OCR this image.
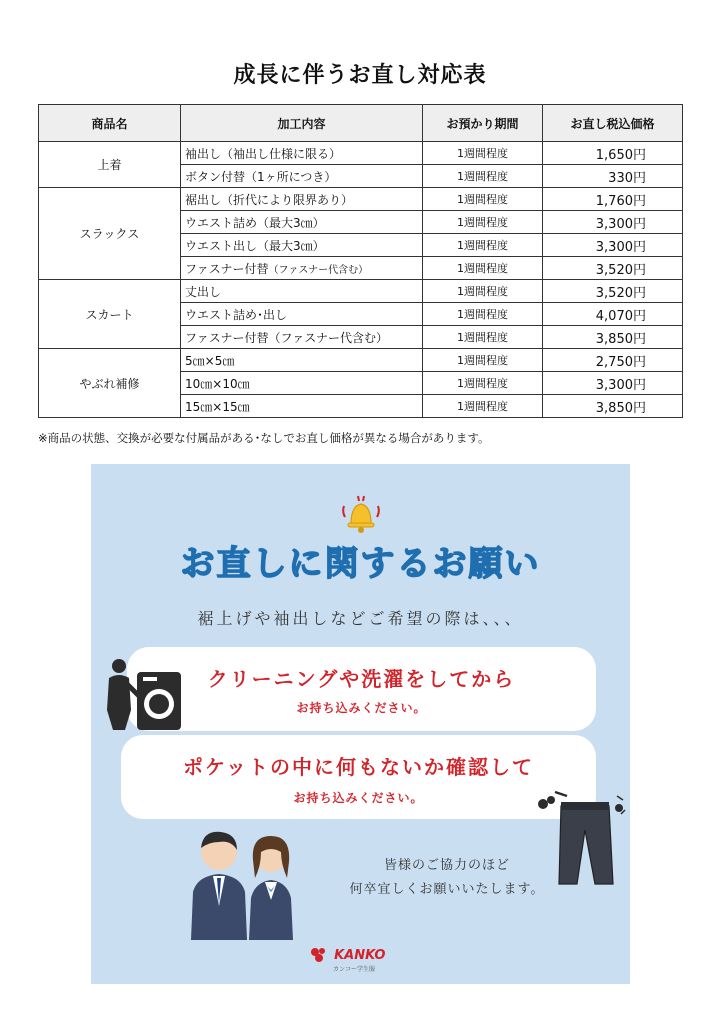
成長に伴うお直し対応表
商品名	加工内容	お預かり期間	お直し税込価格
上着	袖出し（袖出し仕様に限る）	1週間程度	1,650円
	ボタン付替（1ヶ所につき）	1週間程度	330円
スラックス	裾出し（折代により限界あり）	1週間程度	1,760円
	ウエスト詰め（最大3㎝）	1週間程度	3,300円
	ウエスト出し（最大3㎝）	1週間程度	3,300円
	ファスナー付替（ファスナー代含む）	1週間程度	3,520円
スカート	丈出し	1週間程度	3,520円
	ウエスト詰め･出し	1週間程度	4,070円
	ファスナー付替（ファスナー代含む）	1週間程度	3,850円
やぶれ補修	5㎝×5㎝	1週間程度	2,750円
	10㎝×10㎝	1週間程度	3,300円
	15㎝×15㎝	1週間程度	3,850円
※商品の状態、交換が必要な付属品がある･なしでお直し価格が異なる場合があります。
お直しに関するお願い
裾上げや袖出しなどご希望の際は、、、
クリーニングや洗濯をしてから
お持ち込みください。
ポケットの中に何もないか確認して
お持ち込みください。
皆様のご協力のほど
何卒宜しくお願いいたします。
KANKO
カンコー学生服
